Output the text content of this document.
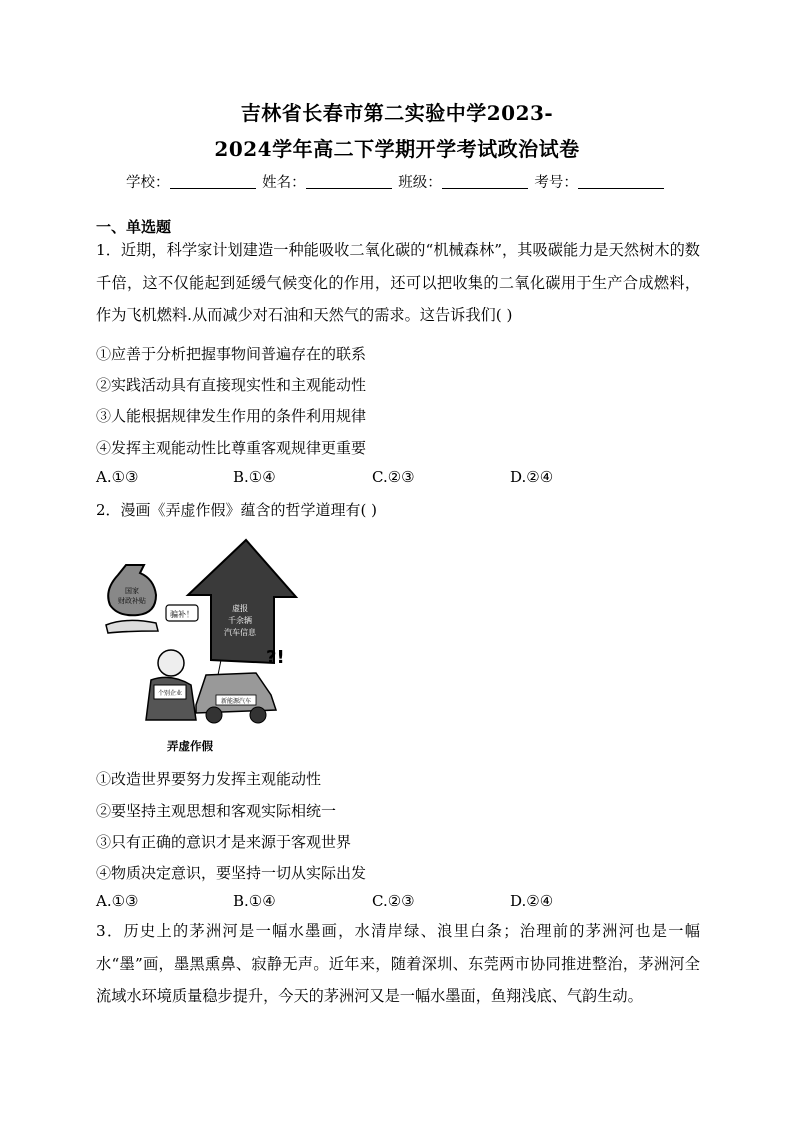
吉林省长春市第二实验中学2023-
2024学年高二下学期开学考试政治试卷
学校：	姓名：	班级：	考号：
一、单选题
1．近期，科学家计划建造一种能吸收二氧化碳的“机械森林”，其吸碳能力是天然树木的数千倍，这不仅能起到延缓气候变化的作用，还可以把收集的二氧化碳用于生产合成燃料，作为飞机燃料.从而减少对石油和天然气的需求。这告诉我们( )
①应善于分析把握事物间普遍存在的联系
②实践活动具有直接现实性和主观能动性
③人能根据规律发生作用的条件利用规律
④发挥主观能动性比尊重客观规律更重要
A.①③	B.①④	C.②③	D.②④
2．漫画《弄虚作假》蕴含的哲学道理有( )
虚报
千余辆
汽车信息
国家
财政补贴
骗补！
个别企业
新能源汽车
?!
弄虚作假
①改造世界要努力发挥主观能动性
②要坚持主观思想和客观实际相统一
③只有正确的意识才是来源于客观世界
④物质决定意识，要坚持一切从实际出发
A.①③	B.①④	C.②③	D.②④
3．历史上的茅洲河是一幅水墨画，水清岸绿、浪里白条；治理前的茅洲河也是一幅水“墨”画，墨黑熏鼻、寂静无声。近年来，随着深圳、东莞两市协同推进整治，茅洲河全流域水环境质量稳步提升，今天的茅洲河又是一幅水墨面，鱼翔浅底、气韵生动。
